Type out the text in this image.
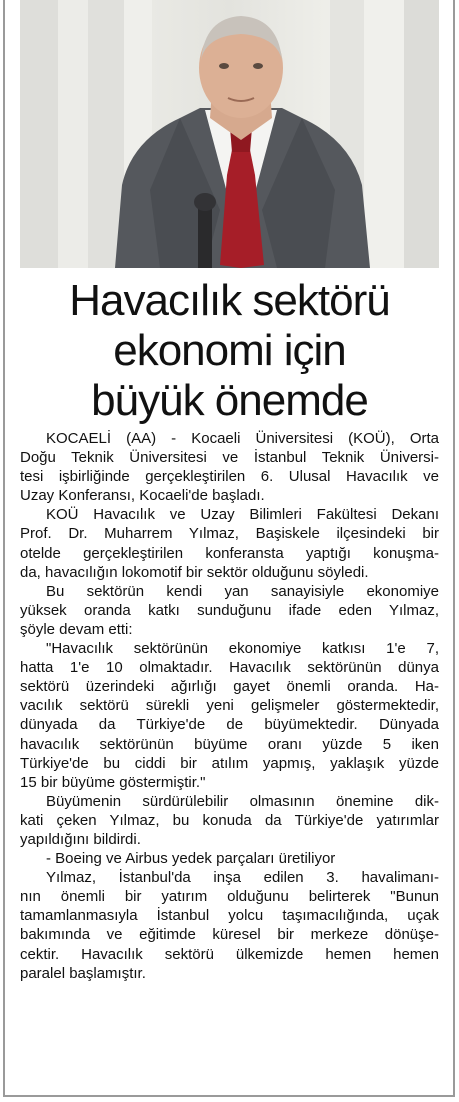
Havacılık sektörü
ekonomi için
büyük önemde
KOCAELİ (AA) - Kocaeli Üniversitesi (KOÜ), Orta
Doğu Teknik Üniversitesi ve İstanbul Teknik Üniversi-
tesi işbirliğinde gerçekleştirilen 6. Ulusal Havacılık ve
Uzay Konferansı, Kocaeli'de başladı.
KOÜ Havacılık ve Uzay Bilimleri Fakültesi Dekanı
Prof. Dr. Muharrem Yılmaz, Başiskele ilçesindeki bir
otelde gerçekleştirilen konferansta yaptığı konuşma-
da, havacılığın lokomotif bir sektör olduğunu söyledi.
Bu sektörün kendi yan sanayisiyle ekonomiye
yüksek oranda katkı sunduğunu ifade eden Yılmaz,
şöyle devam etti:
"Havacılık sektörünün ekonomiye katkısı 1'e 7,
hatta 1'e 10 olmaktadır. Havacılık sektörünün dünya
sektörü üzerindeki ağırlığı gayet önemli oranda. Ha-
vacılık sektörü sürekli yeni gelişmeler göstermektedir,
dünyada da Türkiye'de de büyümektedir. Dünyada
havacılık sektörünün büyüme oranı yüzde 5 iken
Türkiye'de bu ciddi bir atılım yapmış, yaklaşık yüzde
15 bir büyüme göstermiştir."
Büyümenin sürdürülebilir olmasının önemine dik-
kati çeken Yılmaz, bu konuda da Türkiye'de yatırımlar
yapıldığını bildirdi.
- Boeing ve Airbus yedek parçaları üretiliyor
Yılmaz, İstanbul'da inşa edilen 3. havalimanı-
nın önemli bir yatırım olduğunu belirterek "Bunun
tamamlanmasıyla İstanbul yolcu taşımacılığında, uçak
bakımında ve eğitimde küresel bir merkeze dönüşe-
cektir. Havacılık sektörü ülkemizde hemen hemen
paralel başlamıştır.
